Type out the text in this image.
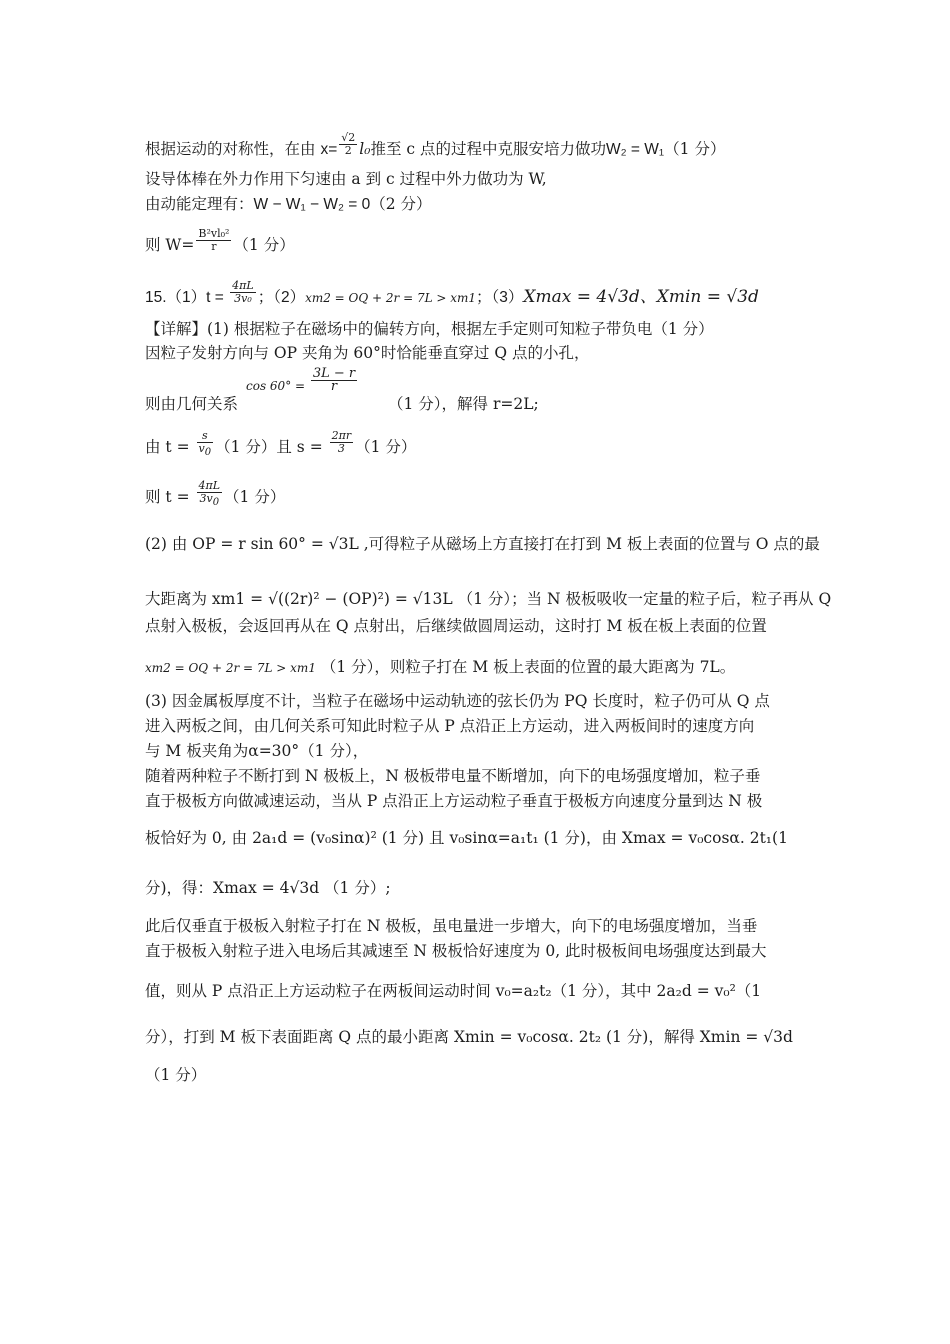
根据运动的对称性，在由 $x= \frac{√2}{2} l_0$推至 c 点的过程中克服安培力做功W₂ = W₁（1 分）
设导体棒在外力作用下匀速由 a 到 c 过程中外力做功为 W,
由动能定理有：W − W₁ − W₂ = 0（2 分）
则 $W= \frac{\text{B²vl₀²}}{r} (1$ 分）
$15.(1)t = \frac{4\pi L}{\text{3v₀}}$ ；（2）xm2 = OQ + 2r = 7L > xm1；（3）Xmax = 4√3d、Xmin = √3d
【详解】(1) 根据粒子在磁场中的偏转方向，根据左手定则可知粒子带负电（1 分）
因粒子发射方向与 OP 夹角为 60°时恰能垂直穿过 Q 点的小孔，
$\cos 60^\circ = \frac{3L - r}{r}$
则由几何关系	（1 分），解得 r=2L;
由 $t = \frac{s}{v_0} (1$ 分）且 $s = \frac{2\pi r}{3} (1$ 分）
则 $t = \frac{4\pi L}{3v_0} (1$ 分）
(2) 由 OP = r sin 60° = √3L ,可得粒子从磁场上方直接打在打到 M 板上表面的位置与 O 点的最
大距离为 xm1 = √((2r)² − (OP)²) = √13L （1 分）；当 N 极板吸收一定量的粒子后，粒子再从 Q
点射入极板，会返回再从在 Q 点射出，后继续做圆周运动，这时打 M 板在板上表面的位置
xm2 = OQ + 2r = 7L > xm1 （1 分），则粒子打在 M 板上表面的位置的最大距离为 7L。
(3) 因金属板厚度不计，当粒子在磁场中运动轨迹的弦长仍为 PQ 长度时，粒子仍可从 Q 点
进入两板之间，由几何关系可知此时粒子从 P 点沿正上方运动，进入两板间时的速度方向
与 M 板夹角为α=30°（1 分），
随着两种粒子不断打到 N 极板上，N 极板带电量不断增加，向下的电场强度增加，粒子垂
直于极板方向做减速运动，当从 P 点沿正上方运动粒子垂直于极板方向速度分量到达 N 极
板恰好为 0, 由 2a₁d = (v₀sinα)² (1 分) 且 v₀sinα=a₁t₁ (1 分)，由 Xmax = v₀cosα. 2t₁(1
分)，得：Xmax = 4√3d （1 分）;
此后仅垂直于极板入射粒子打在 N 极板，虽电量进一步增大，向下的电场强度增加，当垂
直于极板入射粒子进入电场后其减速至 N 极板恰好速度为 0, 此时极板间电场强度达到最大
值，则从 P 点沿正上方运动粒子在两板间运动时间 v₀=a₂t₂（1 分），其中 2a₂d = v₀²（1
分），打到 M 板下表面距离 Q 点的最小距离 Xmin = v₀cosα. 2t₂ (1 分)，解得 Xmin = √3d
（1 分）
